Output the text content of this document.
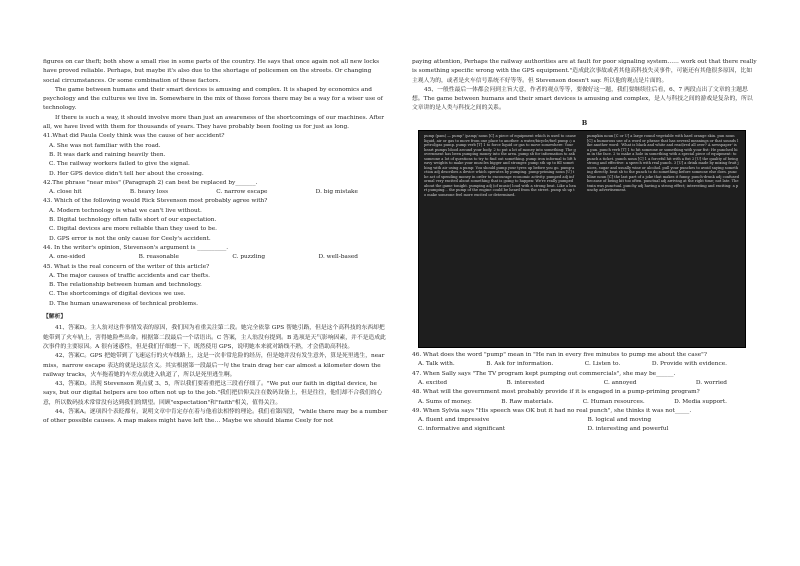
figures on car theft; both show a small rise in some parts of the country. He says that once again not all new locks have proved reliable. Perhaps, but maybe it's also due to the shortage of policemen on the streets. Or changing social circumstances. Or some combination of these factors.

The game between humans and their smart devices is amusing and complex. It is shaped by economics and psychology and the cultures we live in. Somewhere in the mix of those forces there may be a way for a wiser use of technology.

If there is such a way, it should involve more than just an awareness of the shortcomings of our machines. After all, we have lived with them for thousands of years. They have probably been fooling us for just as long.

41.What did Paula Ceely think was the cause of her accident?

A. She was not familiar with the road.

B. It was dark and raining heavily then.

C. The railway workers failed to give the signal.

D. Her GPS device didn't tell her about the crossing.

42.The phrase "near miss" (Paragraph 2) can best be replaced by_______.

A. close hit	B. heavy loss	C. narrow escape	D. big mistake

43. Which of the following would Rick Stevenson most probably agree with?

A. Modern technology is what we can't live without.

B. Digital technology often falls short of our expectation.

C. Digital devices are more reliable than they used to be.

D. GPS error is not the only cause for Ceely's accident.

44. In the writer's opinion, Stevenson's argument is __________.

A. one-sided	B. reasonable	C. puzzling	D. well-based

45. What is the real concern of the writer of this article?

A. The major causes of traffic accidents and car thefts.

B. The relationship between human and technology.

C. The shortcomings of digital devices we use.

D. The human unawareness of technical problems.

【解析】

41、答案D。主人翁对这件事情发表的原因，我们因为看重关注第二段。她完全依靠 GPS 帮她引路，但是这个高科技的东西却把她带到了火车轨上，害得她险些出命。根据第二段最后一个话语出。C 答案，主人翁没有提到。B 选项是天气影响因素，并不是造成此次事件的主要原因。A 很有迷惑性，但是我们仔细想一下，既然使用 GPS，说明她本来就对路线不熟，才会借助高科技。

42、答案C。GPS 把她带到了飞速运行的火车线路上，这是一次非常危险的经历，但是她并没有发生意外，算是死里逃生，near miss，narrow escape 表达的就是这层含义。其实根据第一段最后一句 the train drag her car almost a kilometer down the railway tracks，火车拖着她的车差点就进入轨道了，所以是死里逃生啊。

43、答案D。出现 Stevenson 观点就 3、5，所以我们要着重把这三段看仔细了。"We put our faith in digital device, he says, but our digital helpers are too often not up to the job."我们把信仰关注在数码设备上，但是往往，他们却不合我们的心意，所以数码技术常常没有达到我们的期望。回顾"expectation"和"faith"相关，值得关注。

44、答案A。逐项四个表貶都有，说明文章中肯定存在着与他看法相悖的理论。我们看第四段，"while there may be a number of other possible causes. A map makes might have left the… Maybe we should blame Ceely for not

paying attention, Perhaps the railway authorities are at fault for poor signaling system…… work out that there really is something specific wrong with the GPS equipment."造成此次事故或者其他高科技失灵事件，可能还有其他很多原因，比如主观人为的，或者是火车信号系统不好等等。但 Stevenson doesn't say. 所以他的观点是片面的。

45、一般性最后一体都会问到主旨大意，作者的观点等等，要做好这一题，我们要继续往后看，6、7 两段点出了文章的主题思想。The game between humans and their smart devices is amusing and complex，是人与科技之间的游戏是复杂的，所以文章讲的是人类与科技之间的关系。

B

pump (pam) — pump¹ /pʌmp/ noun [C] a piece of equipment which is used to cause liquid, air or gas to move from one place to another: a water/bicycle/fuel pump ◇ a petrol/gas pump. pump verb [T] 1 to force liquid or gas to move somewhere: Your heart pumps blood around your body. 2 to put a lot of money into something: The government has been pumping money into the area. pump sb for information to ask someone a lot of questions to try to find out something. pump iron informal to lift heavy weights to make your muscles bigger and stronger. pump sth up to fill something with air using a pump: You should pump your tyres up before you go. pump-action adj describes a device which operates by pumping. pump-priming noun [U] the act of spending money in order to encourage economic activity. pumped adj informal very excited about something that is going to happen: We're really pumped about the game tonight. pumping adj (of music) loud with a strong beat. Like a heart pumping... the pump of the engine could be heard from the street. pump sb up to make someone feel more excited or determined.
pumpkin noun [C or U] a large round vegetable with hard orange skin. pun noun [C] a humorous use of a word or phrase that has several meanings or that sounds like another word: 'What is black and white and read/red all over? A newspaper' is a pun. punch verb [T] 1 to hit someone or something with your fist: He punched him in the face. 2 to make a hole in something with a special piece of equipment: to punch a ticket. punch noun [C] 1 a forceful hit with a fist 2 [U] the quality of being strong and effective: a speech with real punch. 3 [U] a drink made by mixing fruit juices, sugar and usually wine or alcohol. pull your punches to avoid saying something directly. beat sb to the punch to do something before someone else does. punchline noun [C] the last part of a joke that makes it funny. punch-drunk adj confused because of being hit too often. punctual adj arriving at the right time; not late. The train was punctual. punchy adj having a strong effect; interesting and exciting: a punchy advertisement.

46. What does the word "pump" mean in "He ran in every five minutes to pump me about the case"?

A. Talk with.	B. Ask for information.	C. Listen to.	D. Provide with evidence.

47. When Sally says "The TV program kept pumping out commercials", she may be______.

A. excited	B. interested	C. annoyed	D. worried

48. What will the government most probably provide if it is engaged in a pump-priming program?

A. Sums of money.	B. Raw materials.	C. Human resources.	D. Media support.

49. When Sylvia says "His speech was OK but it had no real punch", she thinks it was not_____.

A. fluent and impressive	B. logical and moving
C. informative and significant	D. interesting and powerful
